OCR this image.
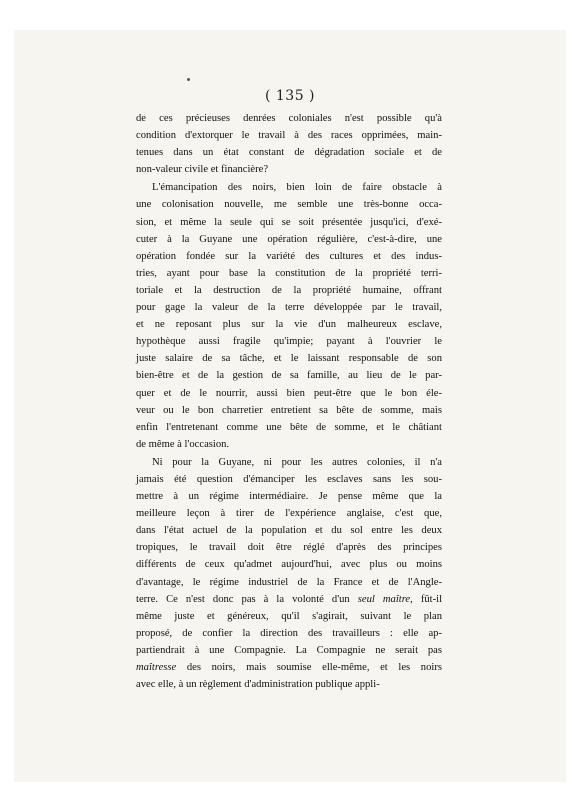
( 135 )
de ces précieuses denrées coloniales n'est possible qu'à
condition d'extorquer le travail à des races opprimées, main-
tenues dans un état constant de dégradation sociale et de
non-valeur civile et financière?
L'émancipation des noirs, bien loin de faire obstacle à
une colonisation nouvelle, me semble une très-bonne occa-
sion, et même la seule qui se soit présentée jusqu'ici, d'exé-
cuter à la Guyane une opération régulière, c'est-à-dire, une
opération fondée sur la variété des cultures et des indus-
tries, ayant pour base la constitution de la propriété terri-
toriale et la destruction de la propriété humaine, offrant
pour gage la valeur de la terre développée par le travail,
et ne reposant plus sur la vie d'un malheureux esclave,
hypothèque aussi fragile qu'impie; payant à l'ouvrier le
juste salaire de sa tâche, et le laissant responsable de son
bien-être et de la gestion de sa famille, au lieu de le par-
quer et de le nourrir, aussi bien peut-être que le bon éle-
veur ou le bon charretier entretient sa bête de somme, mais
enfin l'entretenant comme une bête de somme, et le châtiant
de même à l'occasion.
Ni pour la Guyane, ni pour les autres colonies, il n'a
jamais été question d'émanciper les esclaves sans les sou-
mettre à un régime intermédiaire. Je pense même que la
meilleure leçon à tirer de l'expérience anglaise, c'est que,
dans l'état actuel de la population et du sol entre les deux
tropiques, le travail doit être réglé d'après des principes
différents de ceux qu'admet aujourd'hui, avec plus ou moins
d'avantage, le régime industriel de la France et de l'Angle-
terre. Ce n'est donc pas à la volonté d'un seul maître, fût-il
même juste et généreux, qu'il s'agirait, suivant le plan
proposé, de confier la direction des travailleurs : elle ap-
partiendrait à une Compagnie. La Compagnie ne serait pas
maîtresse des noirs, mais soumise elle-même, et les noirs
avec elle, à un règlement d'administration publique appli-
